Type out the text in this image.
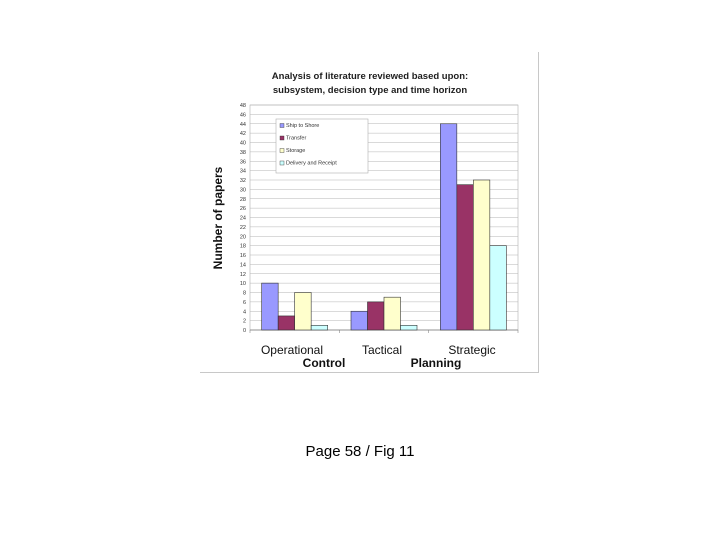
Analysis of literature reviewed based upon:
subsystem, decision type and time horizon
Number of papers
0
2
4
6
8
10
12
14
16
18
20
22
24
26
28
30
32
34
36
38
40
42
44
46
48
Operational	Tactical	Strategic
Control	Planning
Ship to Shore
Transfer
Storage
Delivery and Receipt
Page 58 / Fig 11
